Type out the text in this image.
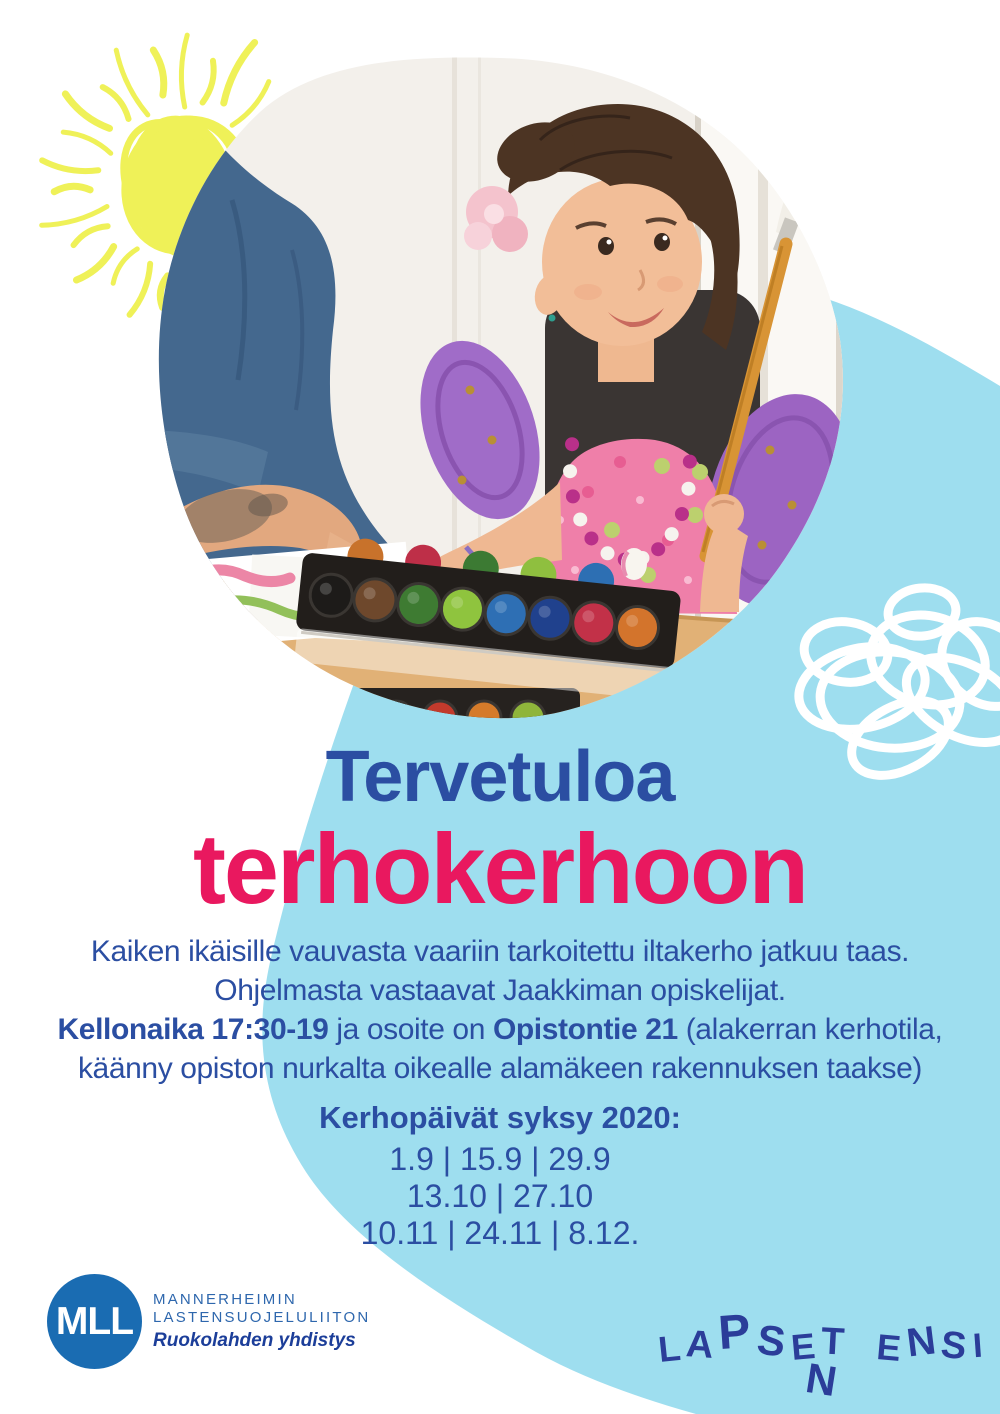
Tervetuloa
terhokerhoon
Kaiken ikäisille vauvasta vaariin tarkoitettu iltakerho jatkuu taas.
Ohjelmasta vastaavat Jaakkiman opiskelijat.
Kellonaika 17:30-19 ja osoite on Opistontie 21 (alakerran kerhotila,
käänny opiston nurkalta oikealle alamäkeen rakennuksen taakse)
Kerhopäivät syksy 2020:
1.9 | 15.9 | 29.9
13.10 | 27.10
10.11 | 24.11 | 8.12.
MLL	MANNERHEIMIN
LASTENSUOJELULIITON
Ruokolahden yhdistys	LAPSET ENSIN
